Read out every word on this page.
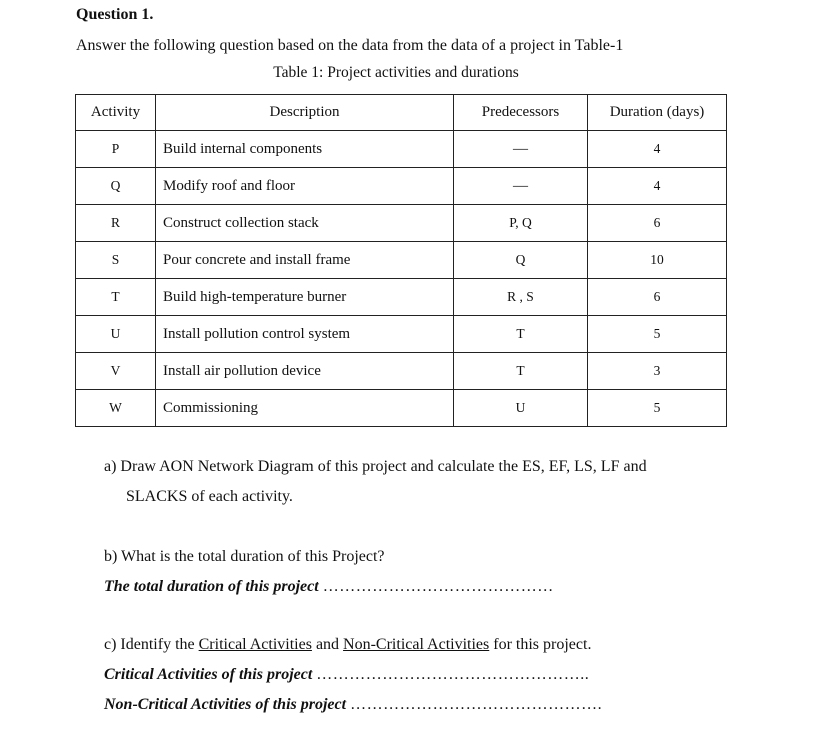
Question 1.
Answer the following question based on the data from the data of a project in Table-1
Table 1: Project activities and durations
Activity	Description	Predecessors	Duration (days)
P	Build internal components	—	4
Q	Modify roof and floor	—	4
R	Construct collection stack	P, Q	6
S	Pour concrete and install frame	Q	10
T	Build high-temperature burner	R , S	6
U	Install pollution control system	T	5
V	Install air pollution device	T	3
W	Commissioning	U	5
a) Draw AON Network Diagram of this project and calculate the ES, EF, LS, LF and
SLACKS of each activity.
b) What is the total duration of this Project?
The total duration of this project ……………………………………
c) Identify the Critical Activities and Non-Critical Activities for this project.
Critical Activities of this project …………………………………………..
Non-Critical Activities of this project ……………………………………….
